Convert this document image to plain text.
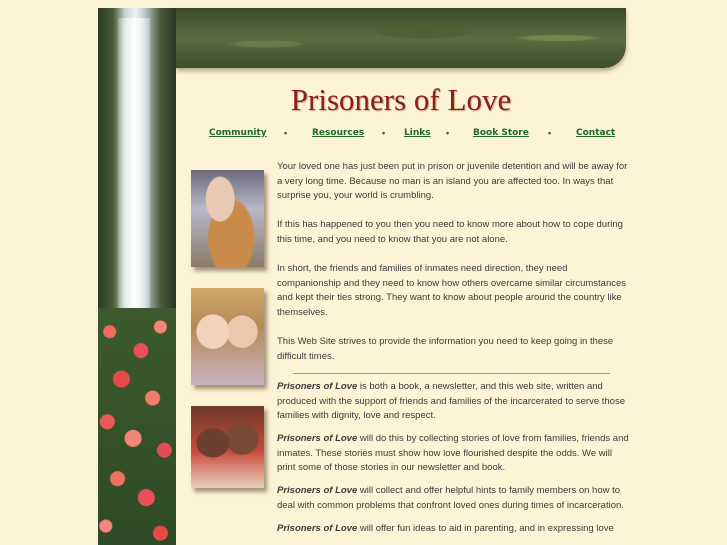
Prisoners of Love
Community •	Resources • Links •	Book Store •	Contact

Your loved one has just been put in prison or juvenile detention and will be away for a very long time. Because no man is an island you are affected too. In ways that surprise you, your world is crumbling.

If this has happened to you then you need to know more about how to cope during this time, and you need to know that you are not alone.

In short, the friends and families of inmates need direction, they need companionship and they need to know how others overcame similar circumstances and kept their ties strong. They want to know about people around the country like themselves.

This Web Site strives to provide the information you need to keep going in these difficult times.

Prisoners of Love is both a book, a newsletter, and this web site, written and produced with the support of friends and families of the incarcerated to serve those families with dignity, love and respect.

Prisoners of Love will do this by collecting stories of love from families, friends and inmates. These stories must show how love flourished despite the odds. We will print some of those stories in our newsletter and book.

Prisoners of Love will collect and offer helpful hints to family members on how to deal with common problems that confront loved ones during times of incarceration.

Prisoners of Love will offer fun ideas to aid in parenting, and in expressing love
